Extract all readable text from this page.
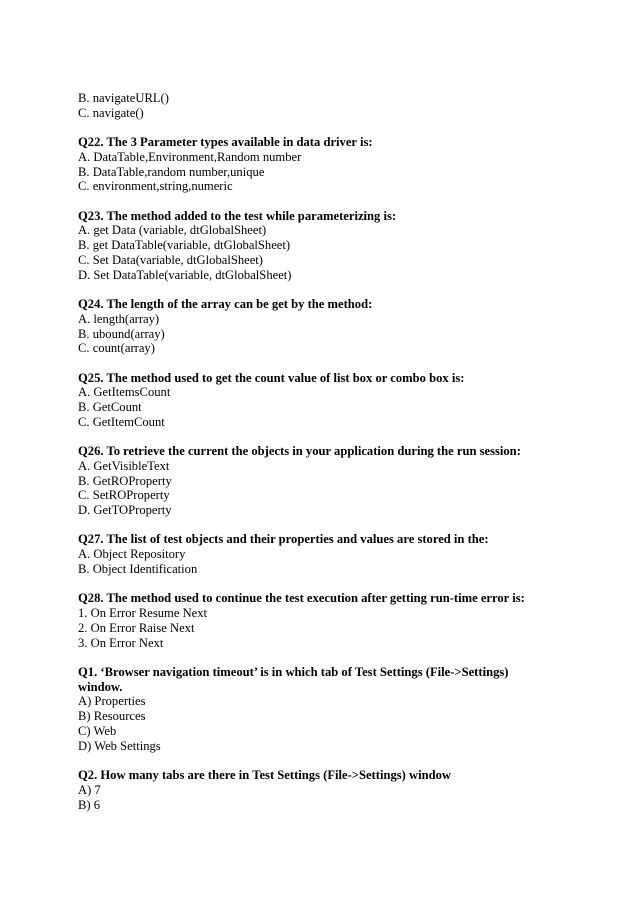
B. navigateURL()
C. navigate()
Q22. The 3 Parameter types available in data driver is:
A. DataTable,Environment,Random number
B. DataTable,random number,unique
C. environment,string,numeric
Q23. The method added to the test while parameterizing is:
A. get Data (variable, dtGlobalSheet)
B. get DataTable(variable, dtGlobalSheet)
C. Set Data(variable, dtGlobalSheet)
D. Set DataTable(variable, dtGlobalSheet)
Q24. The length of the array can be get by the method:
A. length(array)
B. ubound(array)
C. count(array)
Q25. The method used to get the count value of list box or combo box is:
A. GetItemsCount
B. GetCount
C. GetItemCount
Q26. To retrieve the current the objects in your application during the run session:
A. GetVisibleText
B. GetROProperty
C. SetROProperty
D. GetTOProperty
Q27. The list of test objects and their properties and values are stored in the:
A. Object Repository
B. Object Identification
Q28. The method used to continue the test execution after getting run-time error is:
1. On Error Resume Next
2. On Error Raise Next
3. On Error Next
Q1. ‘Browser navigation timeout’ is in which tab of Test Settings (File->Settings) window.
A) Properties
B) Resources
C) Web
D) Web Settings
Q2. How many tabs are there in Test Settings (File->Settings) window
A) 7
B) 6
